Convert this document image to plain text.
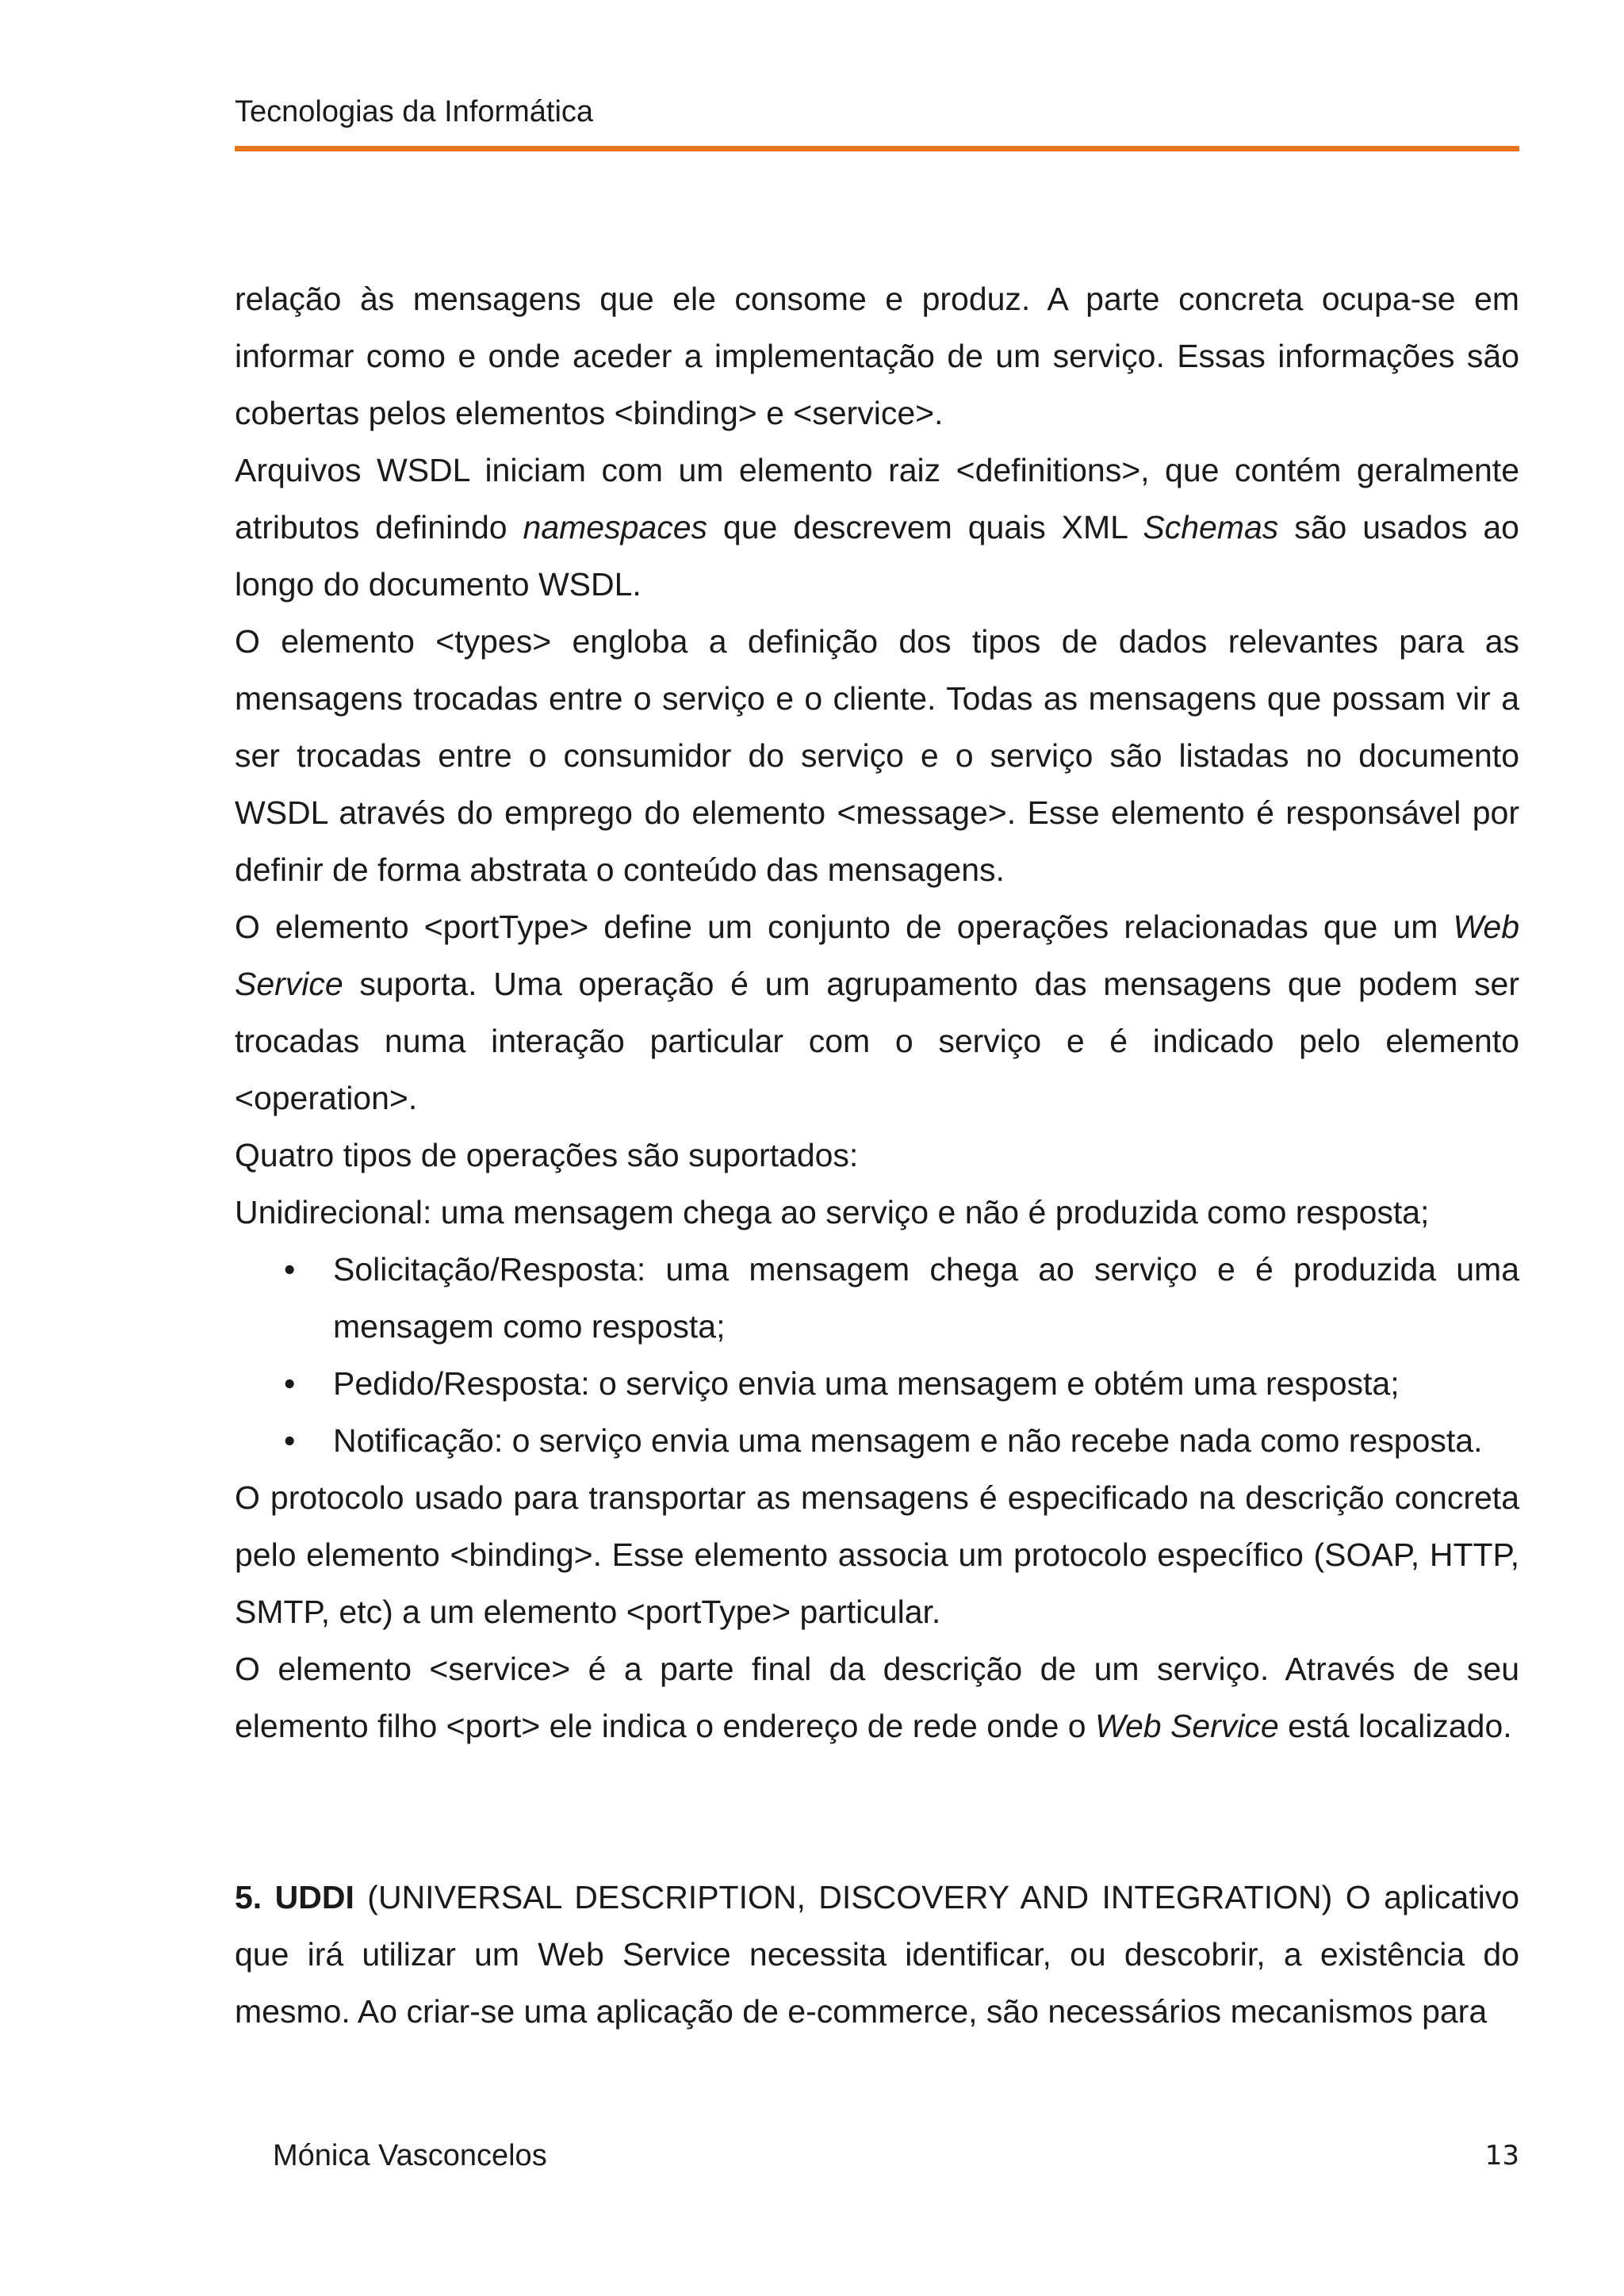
Tecnologias da Informática

relação às mensagens que ele consome e produz. A parte concreta ocupa-se em informar como e onde aceder a implementação de um serviço. Essas informações são cobertas pelos elementos <binding> e <service>.

Arquivos WSDL iniciam com um elemento raiz <definitions>, que contém geralmente atributos definindo namespaces que descrevem quais XML Schemas são usados ao longo do documento WSDL.

O elemento <types> engloba a definição dos tipos de dados relevantes para as mensagens trocadas entre o serviço e o cliente. Todas as mensagens que possam vir a ser trocadas entre o consumidor do serviço e o serviço são listadas no documento WSDL através do emprego do elemento <message>. Esse elemento é responsável por definir de forma abstrata o conteúdo das mensagens.

O elemento <portType> define um conjunto de operações relacionadas que um Web Service suporta. Uma operação é um agrupamento das mensagens que podem ser trocadas numa interação particular com o serviço e é indicado pelo elemento <operation>.

Quatro tipos de operações são suportados:

Unidirecional: uma mensagem chega ao serviço e não é produzida como resposta;

• Solicitação/Resposta: uma mensagem chega ao serviço e é produzida uma mensagem como resposta;
• Pedido/Resposta: o serviço envia uma mensagem e obtém uma resposta;
• Notificação: o serviço envia uma mensagem e não recebe nada como resposta.

O protocolo usado para transportar as mensagens é especificado na descrição concreta pelo elemento <binding>. Esse elemento associa um protocolo específico (SOAP, HTTP, SMTP, etc) a um elemento <portType> particular.

O elemento <service> é a parte final da descrição de um serviço. Através de seu elemento filho <port> ele indica o endereço de rede onde o Web Service está localizado.

5. UDDI (UNIVERSAL DESCRIPTION, DISCOVERY AND INTEGRATION) O aplicativo que irá utilizar um Web Service necessita identificar, ou descobrir, a existência do mesmo. Ao criar-se uma aplicação de e-commerce, são necessários mecanismos para

Mónica Vasconcelos	13
